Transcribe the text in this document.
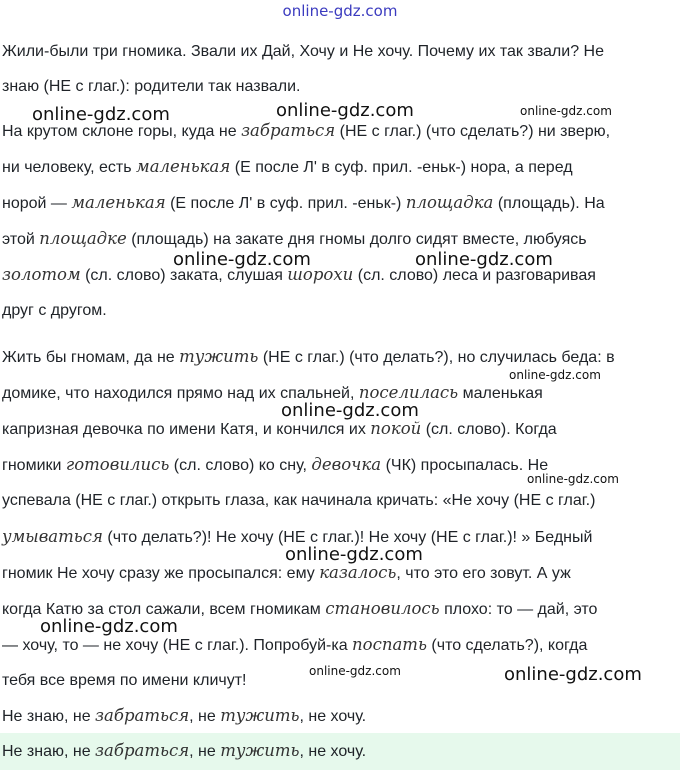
online-gdz.com
Жили-были три гномика. Звали их Дай, Хочу и Не хочу. Почему их так звали? Не
знаю (НЕ с глаг.): родители так назвали.
На крутом склоне горы, куда не забраться (НЕ с глаг.) (что сделать?) ни зверю,
ни человеку, есть маленькая (Е после Л' в суф. прил. -еньк-) нора, а перед
норой — маленькая (Е после Л' в суф. прил. -еньк-) площадка (площадь). На
этой площадке (площадь) на закате дня гномы долго сидят вместе, любуясь
золотом (сл. слово) заката, слушая шорохи (сл. слово) леса и разговаривая
друг с другом.
Жить бы гномам, да не тужить (НЕ с глаг.) (что делать?), но случилась беда: в
домике, что находился прямо над их спальней, поселилась маленькая
капризная девочка по имени Катя, и кончился их покой (сл. слово). Когда
гномики готовились (сл. слово) ко сну, девочка (ЧК) просыпалась. Не
успевала (НЕ с глаг.) открыть глаза, как начинала кричать: «Не хочу (НЕ с глаг.)
умываться (что делать?)! Не хочу (НЕ с глаг.)! Не хочу (НЕ с глаг.)! » Бедный
гномик Не хочу сразу же просыпался: ему казалось, что это его зовут. А уж
когда Катю за стол сажали, всем гномикам становилось плохо: то — дай, это
— хочу, то — не хочу (НЕ с глаг.). Попробуй-ка поспать (что сделать?), когда
тебя все время по имени кличут!
Не знаю, не забраться, не тужить, не хочу.
Не знаю, не забраться, не тужить, не хочу.
online-gdz.com	online-gdz.com	online-gdz.com
online-gdz.com	online-gdz.com
online-gdz.com
online-gdz.com
online-gdz.com
online-gdz.com
online-gdz.com
online-gdz.com	online-gdz.com
